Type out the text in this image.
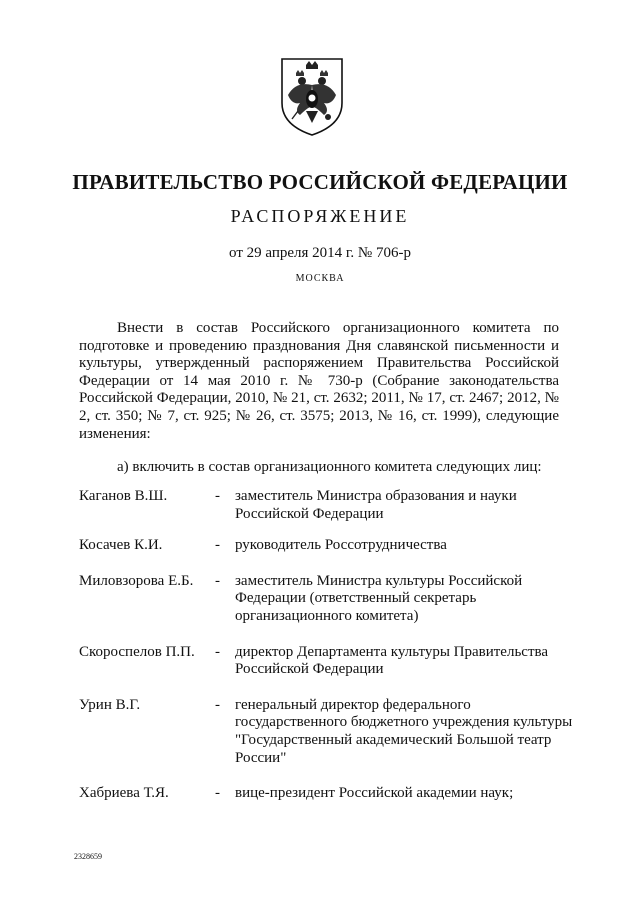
ПРАВИТЕЛЬСТВО РОССИЙСКОЙ ФЕДЕРАЦИИ
РАСПОРЯЖЕНИЕ
от 29 апреля 2014 г. № 706-р
МОСКВА

Внести в состав Российского организационного комитета по подготовке и проведению празднования Дня славянской письменности и культуры, утвержденный распоряжением Правительства Российской Федерации от 14 мая 2010 г. № 730-р (Собрание законодательства Российской Федерации, 2010, № 21, ст. 2632; 2011, № 17, ст. 2467; 2012, № 2, ст. 350; № 7, ст. 925; № 26, ст. 3575; 2013, № 16, ст. 1999), следующие изменения:

а) включить в состав организационного комитета следующих лиц:

Каганов В.Ш.	-	заместитель Министра образования и науки Российской Федерации
Косачев К.И.	-	руководитель Россотрудничества
Миловзорова Е.Б.	-	заместитель Министра культуры Российской Федерации (ответственный секретарь организационного комитета)
Скороспелов П.П.	-	директор Департамента культуры Правительства Российской Федерации
Урин В.Г.	-	генеральный директор федерального государственного бюджетного учреждения культуры "Государственный академический Большой театр России"
Хабриева Т.Я.	-	вице-президент Российской академии наук;
2328659
